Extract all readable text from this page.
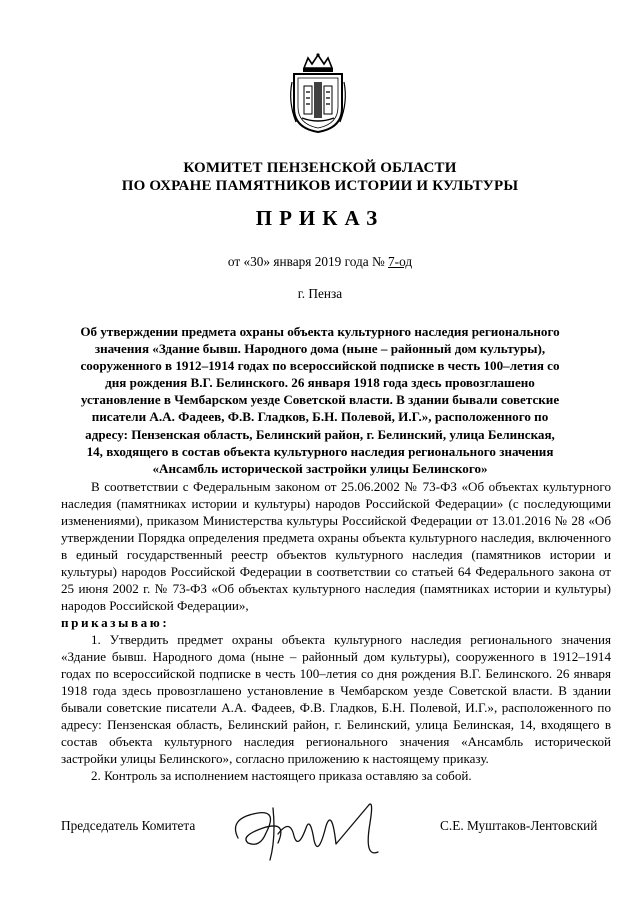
КОМИТЕТ ПЕНЗЕНСКОЙ ОБЛАСТИ
ПО ОХРАНЕ ПАМЯТНИКОВ ИСТОРИИ И КУЛЬТУРЫ
ПРИКАЗ
от «30» января 2019 года № 7-од
г. Пенза
Об утверждении предмета охраны объекта культурного наследия регионального значения «Здание бывш. Народного дома (ныне – районный дом культуры), сооруженного в 1912–1914 годах по всероссийской подписке в честь 100–летия со дня рождения В.Г. Белинского. 26 января 1918 года здесь провозглашено установление в Чембарском уезде Советской власти. В здании бывали советские писатели А.А. Фадеев, Ф.В. Гладков, Б.Н. Полевой, И.Г.», расположенного по адресу: Пензенская область, Белинский район, г. Белинский, улица Белинская, 14, входящего в состав объекта культурного наследия регионального значения «Ансамбль исторической застройки улицы Белинского»

В соответствии с Федеральным законом от 25.06.2002 № 73-ФЗ «Об объектах культурного наследия (памятниках истории и культуры) народов Российской Федерации» (с последующими изменениями), приказом Министерства культуры Российской Федерации от 13.01.2016 № 28 «Об утверждении Порядка определения предмета охраны объекта культурного наследия, включенного в единый государственный реестр объектов культурного наследия (памятников истории и культуры) народов Российской Федерации в соответствии со статьей 64 Федерального закона от 25 июня 2002 г. № 73-ФЗ «Об объектах культурного наследия (памятниках истории и культуры) народов Российской Федерации»,

приказываю:

1. Утвердить предмет охраны объекта культурного наследия регионального значения «Здание бывш. Народного дома (ныне – районный дом культуры), сооруженного в 1912–1914 годах по всероссийской подписке в честь 100–летия со дня рождения В.Г. Белинского. 26 января 1918 года здесь провозглашено установление в Чембарском уезде Советской власти. В здании бывали советские писатели А.А. Фадеев, Ф.В. Гладков, Б.Н. Полевой, И.Г.», расположенного по адресу: Пензенская область, Белинский район, г. Белинский, улица Белинская, 14, входящего в состав объекта культурного наследия регионального значения «Ансамбль исторической застройки улицы Белинского», согласно приложению к настоящему приказу.

2. Контроль за исполнением настоящего приказа оставляю за собой.

Председатель Комитета	С.Е. Муштаков-Лентовский
